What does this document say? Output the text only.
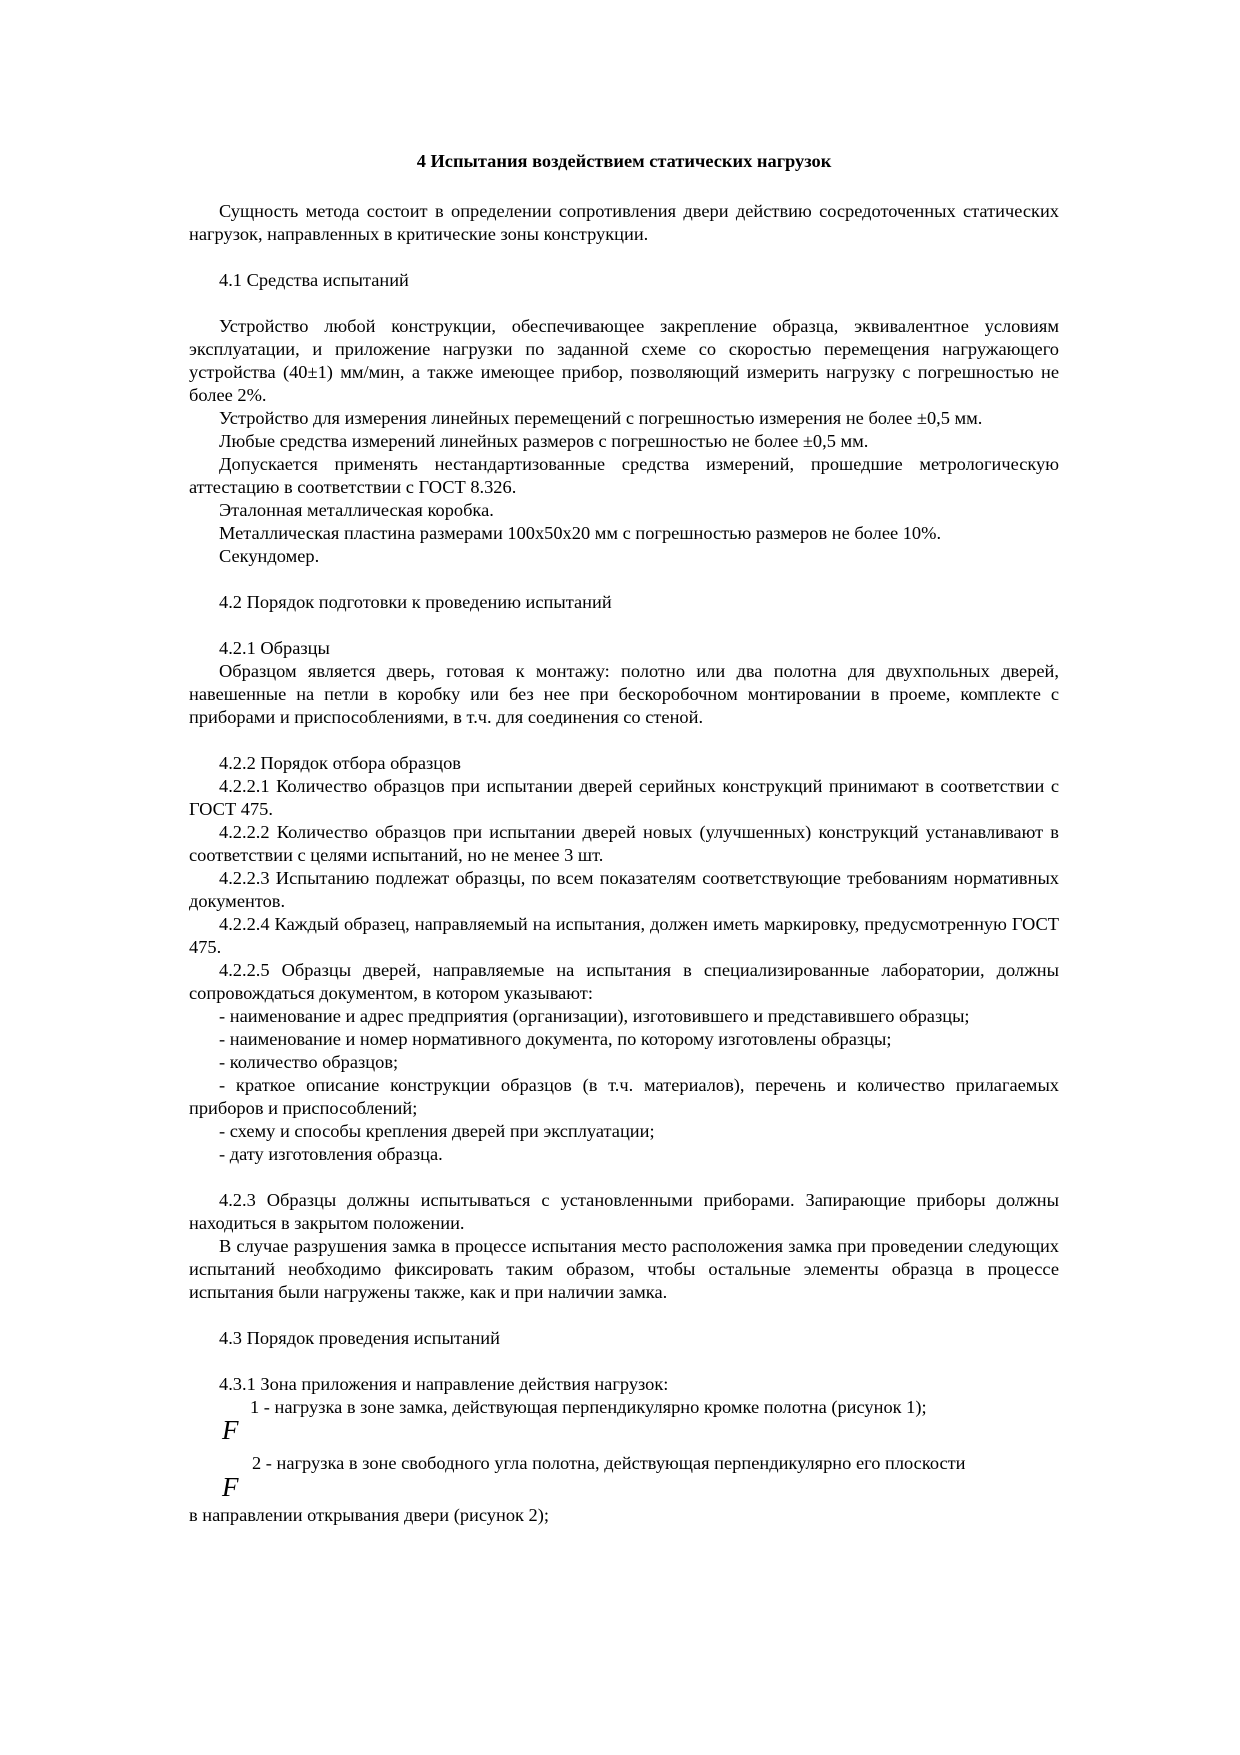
4 Испытания воздействием статических нагрузок

Сущность метода состоит в определении сопротивления двери действию сосредоточенных статических нагрузок, направленных в критические зоны конструкции.

4.1 Средства испытаний

Устройство любой конструкции, обеспечивающее закрепление образца, эквивалентное условиям эксплуатации, и приложение нагрузки по заданной схеме со скоростью перемещения нагружающего устройства (40±1) мм/мин, а также имеющее прибор, позволяющий измерить нагрузку с погрешностью не более 2%.

Устройство для измерения линейных перемещений с погрешностью измерения не более ±0,5 мм.

Любые средства измерений линейных размеров с погрешностью не более ±0,5 мм.

Допускается применять нестандартизованные средства измерений, прошедшие метрологическую аттестацию в соответствии с ГОСТ 8.326.

Эталонная металлическая коробка.

Металлическая пластина размерами 100х50х20 мм с погрешностью размеров не более 10%.

Секундомер.

4.2 Порядок подготовки к проведению испытаний

4.2.1 Образцы

Образцом является дверь, готовая к монтажу: полотно или два полотна для двухпольных дверей, навешенные на петли в коробку или без нее при бескоробочном монтировании в проеме, комплекте с приборами и приспособлениями, в т.ч. для соединения со стеной.

4.2.2 Порядок отбора образцов

4.2.2.1 Количество образцов при испытании дверей серийных конструкций принимают в соответствии с ГОСТ 475.

4.2.2.2 Количество образцов при испытании дверей новых (улучшенных) конструкций устанавливают в соответствии с целями испытаний, но не менее 3 шт.

4.2.2.3 Испытанию подлежат образцы, по всем показателям соответствующие требованиям нормативных документов.

4.2.2.4 Каждый образец, направляемый на испытания, должен иметь маркировку, предусмотренную ГОСТ 475.

4.2.2.5 Образцы дверей, направляемые на испытания в специализированные лаборатории, должны сопровождаться документом, в котором указывают:

- наименование и адрес предприятия (организации), изготовившего и представившего образцы;

- наименование и номер нормативного документа, по которому изготовлены образцы;

- количество образцов;

- краткое описание конструкции образцов (в т.ч. материалов), перечень и количество прилагаемых приборов и приспособлений;

- схему и способы крепления дверей при эксплуатации;

- дату изготовления образца.

4.2.3 Образцы должны испытываться с установленными приборами. Запирающие приборы должны находиться в закрытом положении.

В случае разрушения замка в процессе испытания место расположения замка при проведении следующих испытаний необходимо фиксировать таким образом, чтобы остальные элементы образца в процессе испытания были нагружены также, как и при наличии замка.

4.3 Порядок проведения испытаний

4.3.1 Зона приложения и направление действия нагрузок:

F

1 - нагрузка в зоне замка, действующая перпендикулярно кромке полотна (рисунок 1);

F

2 - нагрузка в зоне свободного угла полотна, действующая перпендикулярно его плоскости

в направлении открывания двери (рисунок 2);
